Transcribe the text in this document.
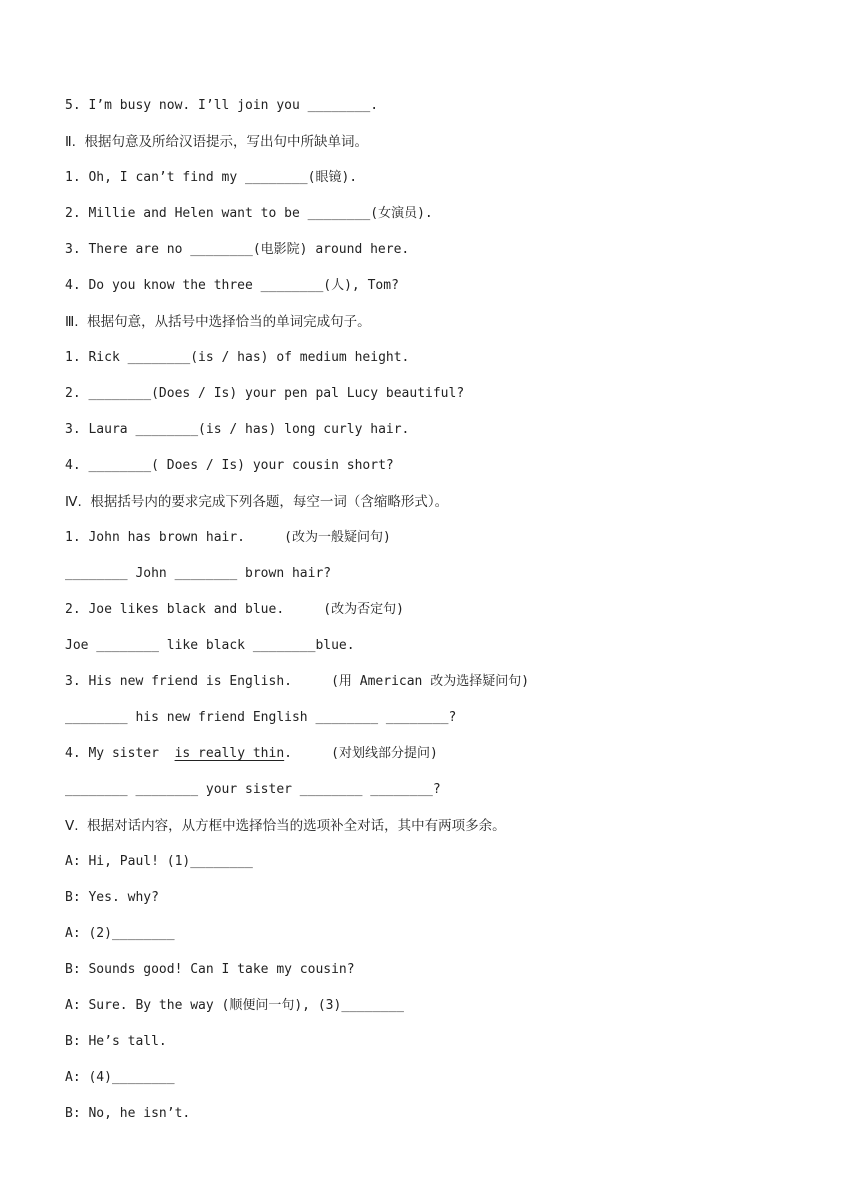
5. I’m busy now. I’ll join you ________.
Ⅱ.  根据句意及所给汉语提示，写出句中所缺单词。
1. Oh, I can’t find my ________(眼镜).
2. Millie and Helen want to be ________(女演员).
3. There are no ________(电影院) around here.
4. Do you know the three ________(人), Tom?
Ⅲ.  根据句意，从括号中选择恰当的单词完成句子。
1. Rick ________(is / has) of medium height.
2. ________(Does / Is) your pen pal Lucy beautiful?
3. Laura ________(is / has) long curly hair.
4. ________( Does / Is) your cousin short?
Ⅳ.  根据括号内的要求完成下列各题，每空一词（含缩略形式）。
1. John has brown hair.     (改为一般疑问句)
________ John ________ brown hair?
2. Joe likes black and blue.     (改为否定句)
Joe ________ like black ________blue.
3. His new friend is English.     (用 American 改为选择疑问句)
________ his new friend English ________ ________?
4. My sister  is really thin.     (对划线部分提问)
________ ________ your sister ________ ________?
Ⅴ.  根据对话内容，从方框中选择恰当的选项补全对话，其中有两项多余。
A: Hi, Paul! (1)________
B: Yes. why?
A: (2)________
B: Sounds good! Can I take my cousin?
A: Sure. By the way (顺便问一句), (3)________
B: He’s tall.
A: (4)________
B: No, he isn’t.
